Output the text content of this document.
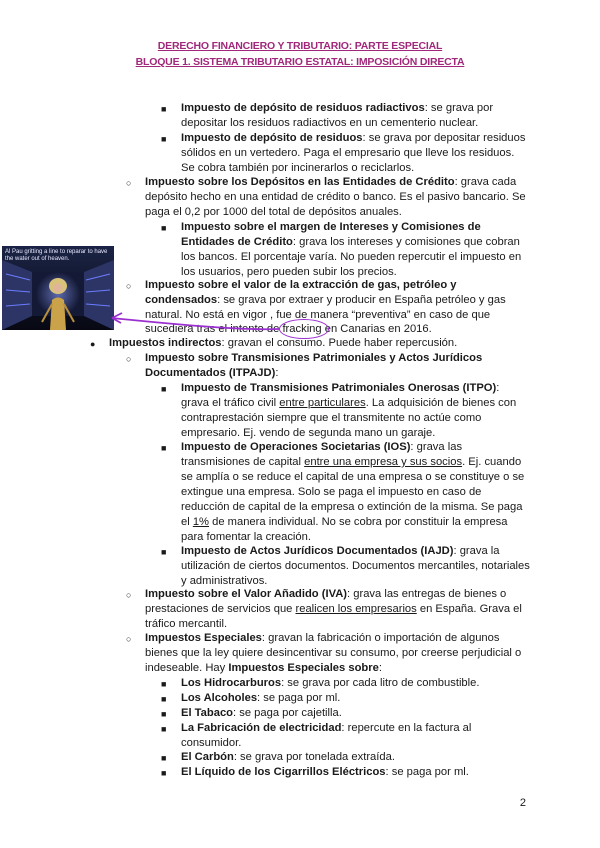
DERECHO FINANCIERO Y TRIBUTARIO: PARTE ESPECIAL
BLOQUE 1. SISTEMA TRIBUTARIO ESTATAL: IMPOSICIÓN DIRECTA
Al Pau gritting a line to reparar to have the water out of heaven.
■ Impuesto de depósito de residuos radiactivos: se grava por
depositar los residuos radiactivos en un cementerio nuclear.
■ Impuesto de depósito de residuos: se grava por depositar residuos
sólidos en un vertedero. Paga el empresario que lleve los residuos.
Se cobra también por incinerarlos o reciclarlos.
○ Impuesto sobre los Depósitos en las Entidades de Crédito: grava cada
depósito hecho en una entidad de crédito o banco. Es el pasivo bancario. Se
paga el 0,2 por 1000 del total de depósitos anuales.
■ Impuesto sobre el margen de Intereses y Comisiones de
Entidades de Crédito: grava los intereses y comisiones que cobran
los bancos. El porcentaje varía. No pueden repercutir el impuesto en
los usuarios, pero pueden subir los precios.
○ Impuesto sobre el valor de la extracción de gas, petróleo y
condensados: se grava por extraer y producir en España petróleo y gas
natural. No está en vigor , fue de manera “preventiva” en caso de que
sucediera tras el intento de fracking en Canarias en 2016.
● Impuestos indirectos: gravan el consumo. Puede haber repercusión.
○ Impuesto sobre Transmisiones Patrimoniales y Actos Jurídicos
Documentados (ITPAJD):
■ Impuesto de Transmisiones Patrimoniales Onerosas (ITPO):
grava el tráfico civil entre particulares. La adquisición de bienes con
contraprestación siempre que el transmitente no actúe como
empresario. Ej. vendo de segunda mano un garaje.
■ Impuesto de Operaciones Societarias (IOS): grava las
transmisiones de capital entre una empresa y sus socios. Ej. cuando
se amplía o se reduce el capital de una empresa o se constituye o se
extingue una empresa. Solo se paga el impuesto en caso de
reducción de capital de la empresa o extinción de la misma. Se paga
el 1% de manera individual. No se cobra por constituir la empresa
para fomentar la creación.
■ Impuesto de Actos Jurídicos Documentados (IAJD): grava la
utilización de ciertos documentos. Documentos mercantiles, notariales
y administrativos.
○ Impuesto sobre el Valor Añadido (IVA): grava las entregas de bienes o
prestaciones de servicios que realicen los empresarios en España. Grava el
tráfico mercantil.
○ Impuestos Especiales: gravan la fabricación o importación de algunos
bienes que la ley quiere desincentivar su consumo, por creerse perjudicial o
indeseable. Hay Impuestos Especiales sobre:
■ Los Hidrocarburos: se grava por cada litro de combustible.
■ Los Alcoholes: se paga por ml.
■ El Tabaco: se paga por cajetilla.
■ La Fabricación de electricidad: repercute en la factura al
consumidor.
■ El Carbón: se grava por tonelada extraída.
■ El Líquido de los Cigarrillos Eléctricos: se paga por ml.
2
